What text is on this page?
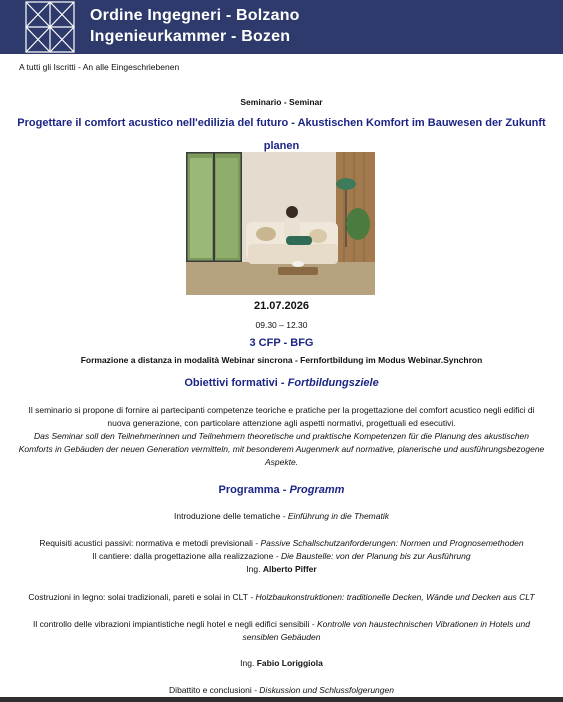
Ordine Ingegneri - Bolzano
Ingenieurkammer - Bozen
A tutti gli Iscritti - An alle Eingeschriebenen
Seminario - Seminar
Progettare il comfort acustico nell'edilizia del futuro - Akustischen Komfort im Bauwesen der Zukunft
planen
21.07.2026
09.30 – 12.30
3 CFP - BFG
Formazione a distanza in modalità Webinar sincrona - Fernfortbildung im Modus Webinar.Synchron
Obiettivi formativi - Fortbildungsziele
Il seminario si propone di fornire ai partecipanti competenze teoriche e pratiche per la progettazione del comfort acustico negli edifici di nuova generazione, con particolare attenzione agli aspetti normativi, progettuali ed esecutivi.
Das Seminar soll den Teilnehmerinnen und Teilnehmern theoretische und praktische Kompetenzen für die Planung des akustischen Komforts in Gebäuden der neuen Generation vermitteln, mit besonderem Augenmerk auf normative, planerische und ausführungsbezogene Aspekte.
Programma - Programm
Introduzione delle tematiche - Einführung in die Thematik
Requisiti acustici passivi: normativa e metodi previsionali - Passive Schallschutzanforderungen: Normen und Prognosemethoden
Il cantiere: dalla progettazione alla realizzazione - Die Baustelle: von der Planung bis zur Ausführung
Ing. Alberto Piffer
Costruzioni in legno: solai tradizionali, pareti e solai in CLT - Holzbaukonstruktionen: traditionelle Decken, Wände und Decken aus CLT
Il controllo delle vibrazioni impiantistiche negli hotel e negli edifici sensibili - Kontrolle von haustechnischen Vibrationen in Hotels und sensiblen Gebäuden
Ing. Fabio Loriggiola
Dibattito e conclusioni - Diskussion und Schlussfolgerungen
